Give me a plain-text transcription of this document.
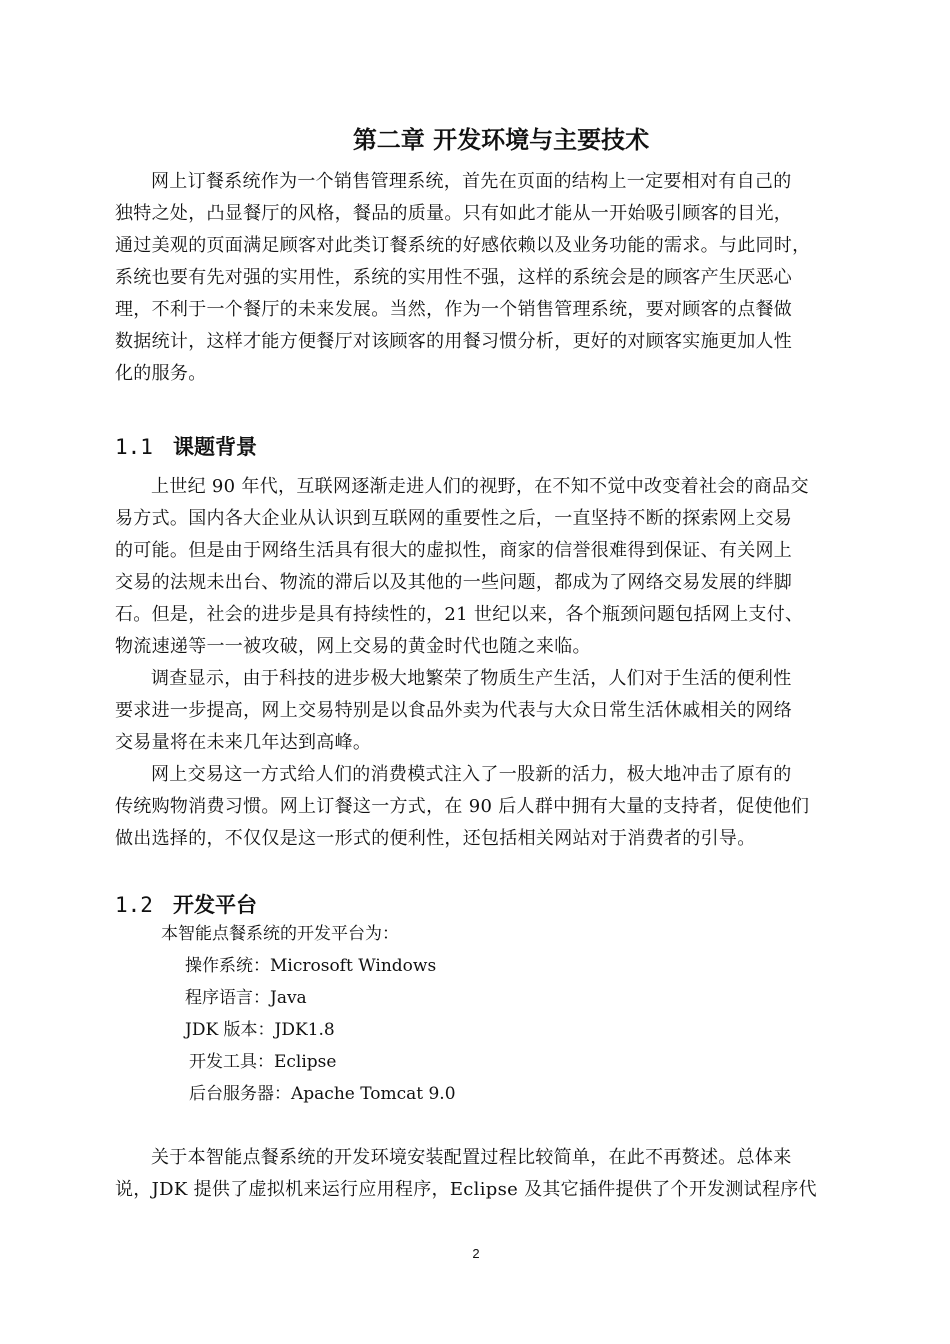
第二章 开发环境与主要技术
网上订餐系统作为一个销售管理系统，首先在页面的结构上一定要相对有自己的
独特之处，凸显餐厅的风格，餐品的质量。只有如此才能从一开始吸引顾客的目光，
通过美观的页面满足顾客对此类订餐系统的好感依赖以及业务功能的需求。与此同时，
系统也要有先对强的实用性，系统的实用性不强，这样的系统会是的顾客产生厌恶心
理，不利于一个餐厅的未来发展。当然，作为一个销售管理系统，要对顾客的点餐做
数据统计，这样才能方便餐厅对该顾客的用餐习惯分析，更好的对顾客实施更加人性
化的服务。
1.1 课题背景
上世纪 90 年代，互联网逐渐走进人们的视野，在不知不觉中改变着社会的商品交
易方式。国内各大企业从认识到互联网的重要性之后，一直坚持不断的探索网上交易
的可能。但是由于网络生活具有很大的虚拟性，商家的信誉很难得到保证、有关网上
交易的法规未出台、物流的滞后以及其他的一些问题，都成为了网络交易发展的绊脚
石。但是，社会的进步是具有持续性的，21 世纪以来，各个瓶颈问题包括网上支付、
物流速递等一一被攻破，网上交易的黄金时代也随之来临。
调查显示，由于科技的进步极大地繁荣了物质生产生活，人们对于生活的便利性
要求进一步提高，网上交易特别是以食品外卖为代表与大众日常生活休戚相关的网络
交易量将在未来几年达到高峰。
网上交易这一方式给人们的消费模式注入了一股新的活力，极大地冲击了原有的
传统购物消费习惯。网上订餐这一方式，在 90 后人群中拥有大量的支持者，促使他们
做出选择的，不仅仅是这一形式的便利性，还包括相关网站对于消费者的引导。
1.2 开发平台
本智能点餐系统的开发平台为：
操作系统：Microsoft Windows
程序语言：Java
JDK 版本：JDK1.8
开发工具：Eclipse
后台服务器：Apache Tomcat 9.0
关于本智能点餐系统的开发环境安装配置过程比较简单，在此不再赘述。总体来
说，JDK 提供了虚拟机来运行应用程序，Eclipse 及其它插件提供了个开发测试程序代
2
